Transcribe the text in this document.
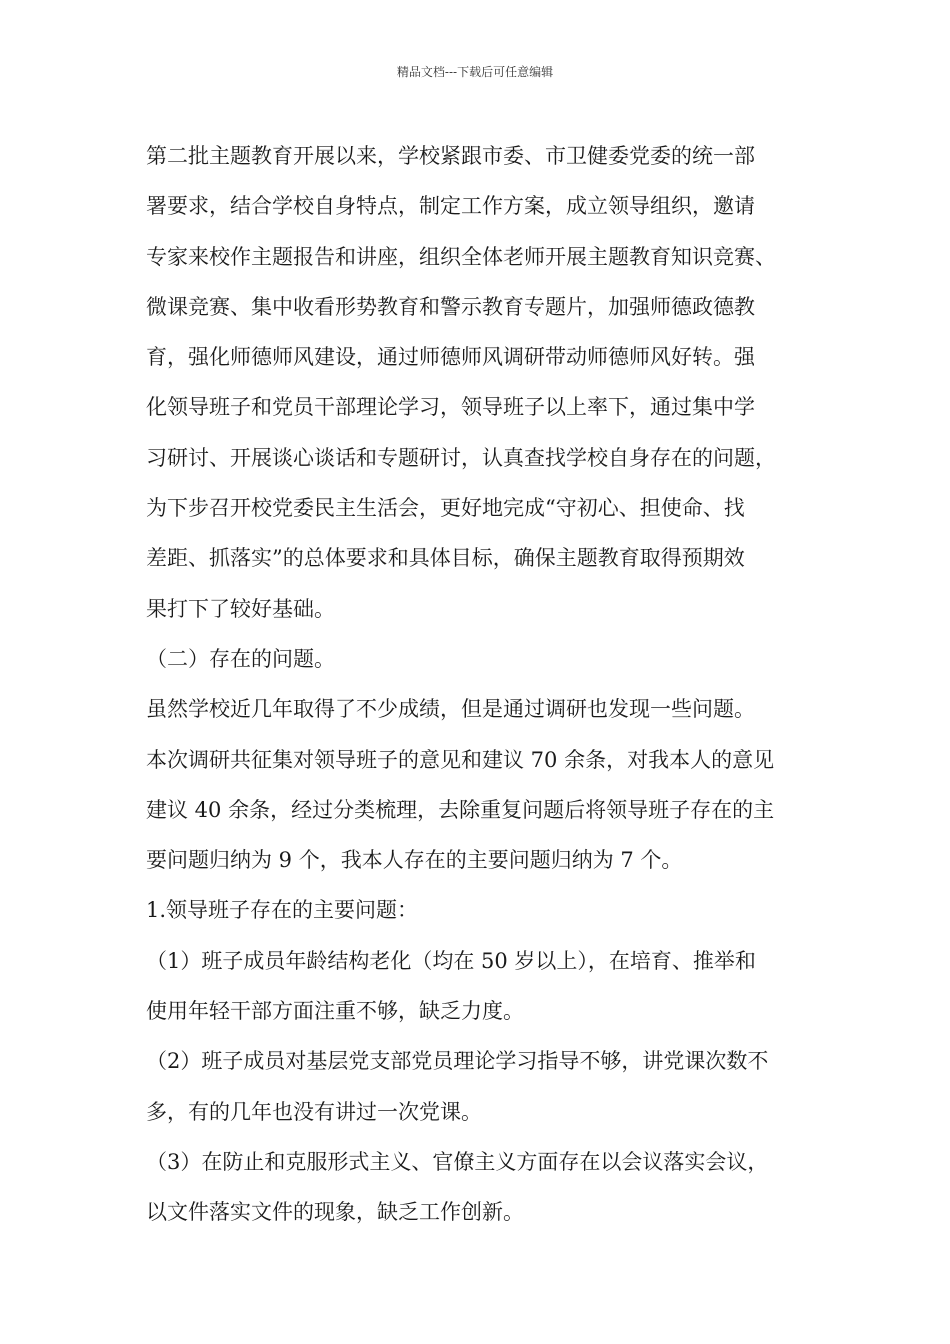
精品文档---下载后可任意编辑

第二批主题教育开展以来，学校紧跟市委、市卫健委党委的统一部

署要求，结合学校自身特点，制定工作方案，成立领导组织，邀请

专家来校作主题报告和讲座，组织全体老师开展主题教育知识竞赛、

微课竞赛、集中收看形势教育和警示教育专题片，加强师德政德教

育，强化师德师风建设，通过师德师风调研带动师德师风好转。强

化领导班子和党员干部理论学习，领导班子以上率下，通过集中学

习研讨、开展谈心谈话和专题研讨，认真查找学校自身存在的问题，

为下步召开校党委民主生活会，更好地完成“守初心、担使命、找

差距、抓落实”的总体要求和具体目标，确保主题教育取得预期效

果打下了较好基础。

（二）存在的问题。

虽然学校近几年取得了不少成绩，但是通过调研也发现一些问题。

本次调研共征集对领导班子的意见和建议 70 余条，对我本人的意见

建议 40 余条，经过分类梳理，去除重复问题后将领导班子存在的主

要问题归纳为 9 个，我本人存在的主要问题归纳为 7 个。

1.领导班子存在的主要问题：

（1）班子成员年龄结构老化（均在 50 岁以上），在培育、推举和

使用年轻干部方面注重不够，缺乏力度。

（2）班子成员对基层党支部党员理论学习指导不够，讲党课次数不

多，有的几年也没有讲过一次党课。

（3）在防止和克服形式主义、官僚主义方面存在以会议落实会议，

以文件落实文件的现象，缺乏工作创新。
